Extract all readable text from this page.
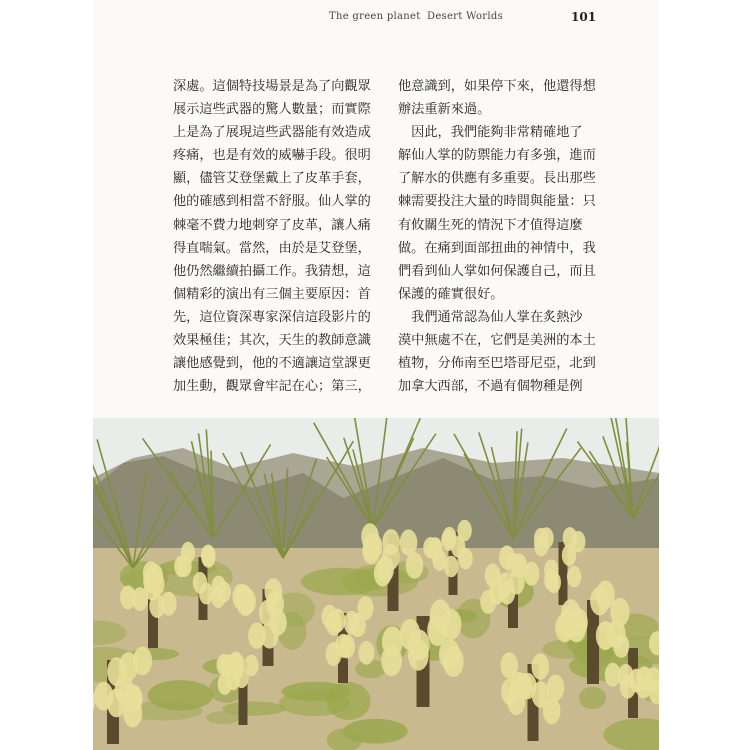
The green planet Desert Worlds	101
深處。這個特技場景是為了向觀眾
展示這些武器的驚人數量；而實際
上是為了展現這些武器能有效造成
疼痛，也是有效的威嚇手段。很明
顯，儘管艾登堡戴上了皮革手套，
他的確感到相當不舒服。仙人掌的
棘毫不費力地刺穿了皮革，讓人痛
得直喘氣。當然，由於是艾登堡，
他仍然繼續拍攝工作。我猜想，這
個精彩的演出有三個主要原因：首
先，這位資深專家深信這段影片的
效果極佳；其次，天生的教師意識
讓他感覺到，他的不適讓這堂課更
加生動，觀眾會牢記在心；第三，
他意識到，如果停下來，他還得想
辦法重新來過。
　因此，我們能夠非常精確地了
解仙人掌的防禦能力有多強，進而
了解水的供應有多重要。長出那些
棘需要投注大量的時間與能量：只
有攸關生死的情況下才值得這麼
做。在痛到面部扭曲的神情中，我
們看到仙人掌如何保護自己，而且
保護的確實很好。
　我們通常認為仙人掌在炙熱沙
漠中無處不在，它們是美洲的本土
植物，分佈南至巴塔哥尼亞，北到
加拿大西部，不過有個物種是例
